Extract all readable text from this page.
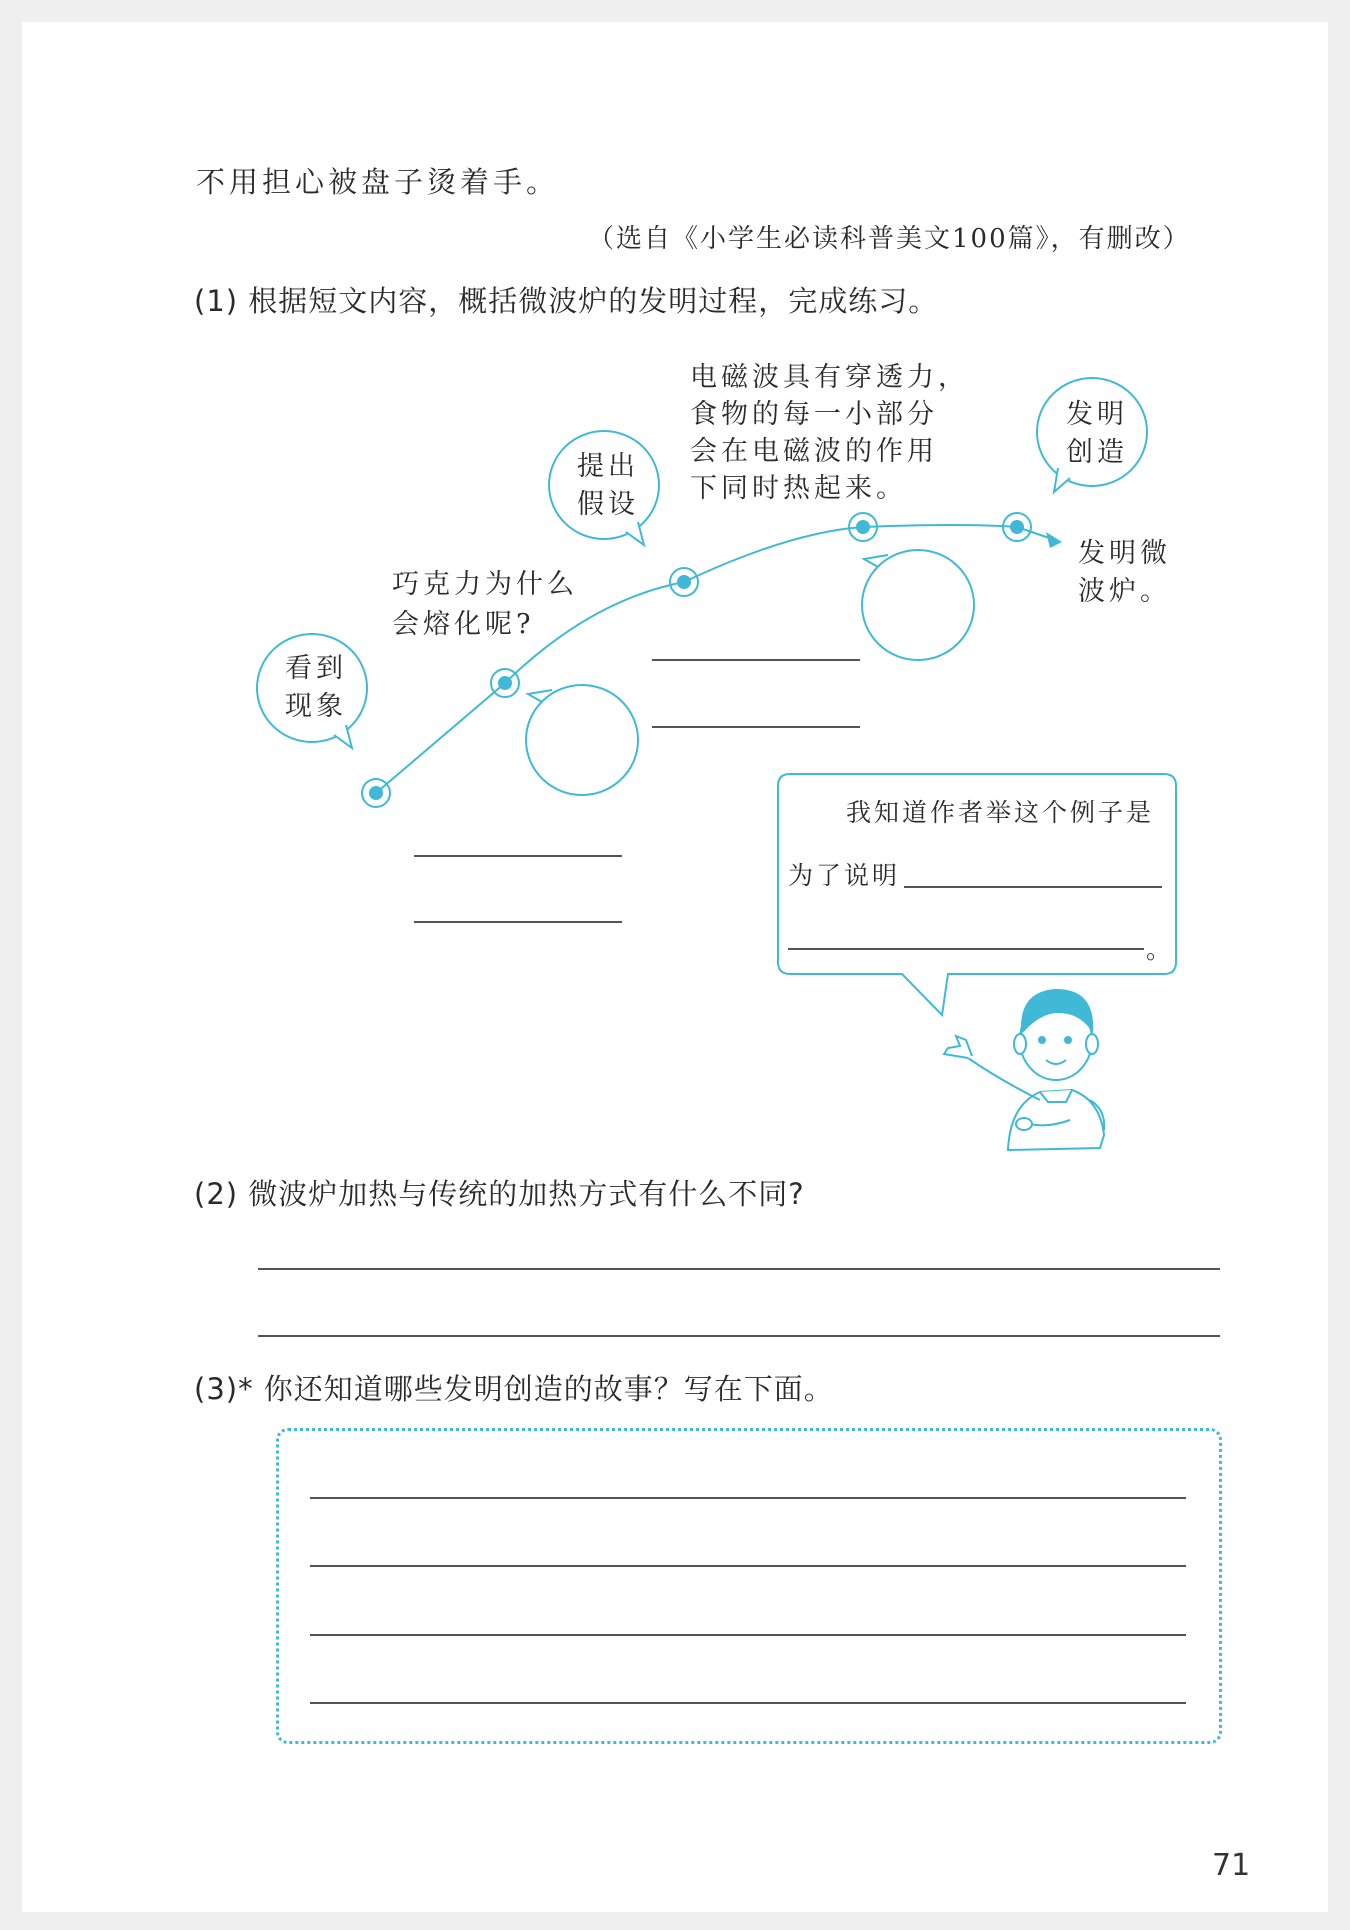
不用担心被盘子烫着手。
（选自《小学生必读科普美文100篇》，有删改）
(1) 根据短文内容，概括微波炉的发明过程，完成练习。
看到
现象
提出
假设
发明
创造
巧克力为什么
会熔化呢?
电磁波具有穿透力，
食物的每一小部分
会在电磁波的作用
下同时热起来。
发明微
波炉。
我知道作者举这个例子是
为了说明
。
(2) 微波炉加热与传统的加热方式有什么不同?
(3)* 你还知道哪些发明创造的故事？写在下面。
71
